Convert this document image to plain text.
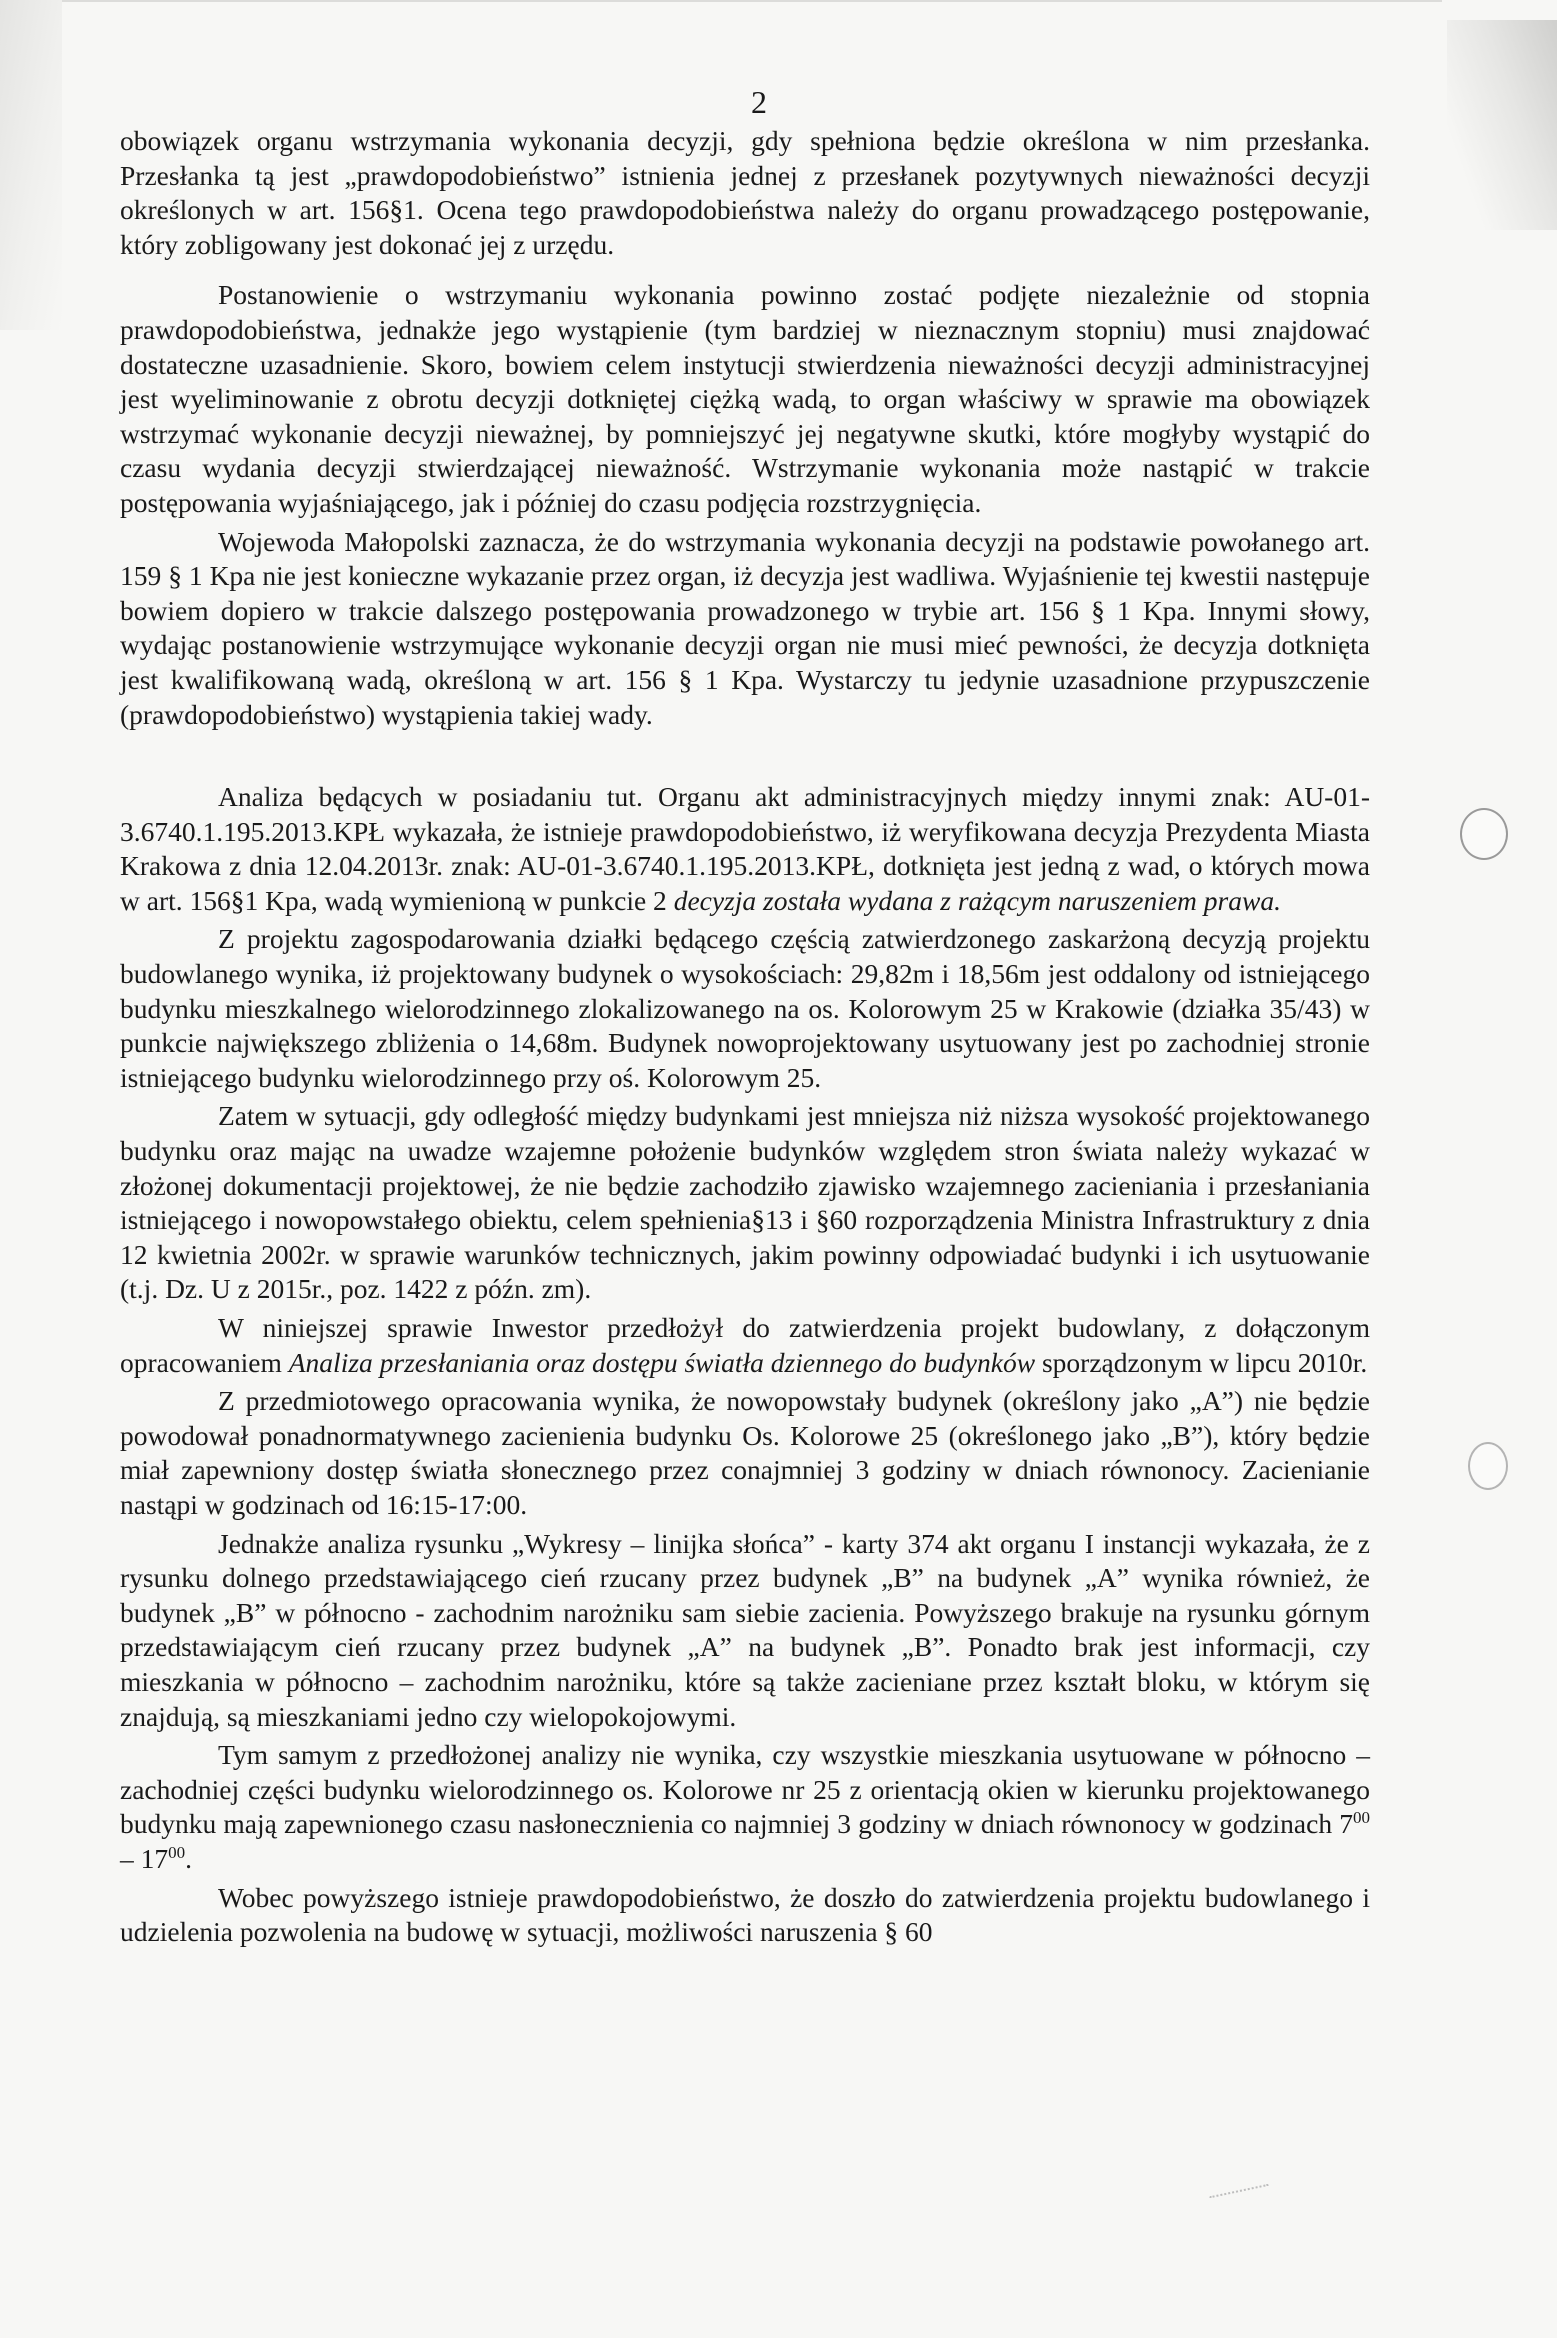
2

obowiązek organu wstrzymania wykonania decyzji, gdy spełniona będzie określona w nim przesłanka. Przesłanka tą jest „prawdopodobieństwo” istnienia jednej z przesłanek pozytywnych nieważności decyzji określonych w art. 156§1. Ocena tego prawdopodobieństwa należy do organu prowadzącego postępowanie, który zobligowany jest dokonać jej z urzędu.

Postanowienie o wstrzymaniu wykonania powinno zostać podjęte niezależnie od stopnia prawdopodobieństwa, jednakże jego wystąpienie (tym bardziej w nieznacznym stopniu) musi znajdować dostateczne uzasadnienie. Skoro, bowiem celem instytucji stwierdzenia nieważności decyzji administracyjnej jest wyeliminowanie z obrotu decyzji dotkniętej ciężką wadą, to organ właściwy w sprawie ma obowiązek wstrzymać wykonanie decyzji nieważnej, by pomniejszyć jej negatywne skutki, które mogłyby wystąpić do czasu wydania decyzji stwierdzającej nieważność. Wstrzymanie wykonania może nastąpić w trakcie postępowania wyjaśniającego, jak i później do czasu podjęcia rozstrzygnięcia.

Wojewoda Małopolski zaznacza, że do wstrzymania wykonania decyzji na podstawie powołanego art. 159 § 1 Kpa nie jest konieczne wykazanie przez organ, iż decyzja jest wadliwa. Wyjaśnienie tej kwestii następuje bowiem dopiero w trakcie dalszego postępowania prowadzonego w trybie art. 156 § 1 Kpa. Innymi słowy, wydając postanowienie wstrzymujące wykonanie decyzji organ nie musi mieć pewności, że decyzja dotknięta jest kwalifikowaną wadą, określoną w art. 156 § 1 Kpa. Wystarczy tu jedynie uzasadnione przypuszczenie (prawdopodobieństwo) wystąpienia takiej wady.

Analiza będących w posiadaniu tut. Organu akt administracyjnych między innymi znak: AU-01-3.6740.1.195.2013.KPŁ wykazała, że istnieje prawdopodobieństwo, iż weryfikowana decyzja Prezydenta Miasta Krakowa z dnia 12.04.2013r. znak: AU-01-3.6740.1.195.2013.KPŁ, dotknięta jest jedną z wad, o których mowa w art. 156§1 Kpa, wadą wymienioną w punkcie 2 decyzja została wydana z rażącym naruszeniem prawa.

Z projektu zagospodarowania działki będącego częścią zatwierdzonego zaskarżoną decyzją projektu budowlanego wynika, iż projektowany budynek o wysokościach: 29,82m i 18,56m jest oddalony od istniejącego budynku mieszkalnego wielorodzinnego zlokalizowanego na os. Kolorowym 25 w Krakowie (działka 35/43) w punkcie największego zbliżenia o 14,68m. Budynek nowoprojektowany usytuowany jest po zachodniej stronie istniejącego budynku wielorodzinnego przy oś. Kolorowym 25.

Zatem w sytuacji, gdy odległość między budynkami jest mniejsza niż niższa wysokość projektowanego budynku oraz mając na uwadze wzajemne położenie budynków względem stron świata należy wykazać w złożonej dokumentacji projektowej, że nie będzie zachodziło zjawisko wzajemnego zacieniania i przesłaniania istniejącego i nowopowstałego obiektu, celem spełnienia§13 i §60 rozporządzenia Ministra Infrastruktury z dnia 12 kwietnia 2002r. w sprawie warunków technicznych, jakim powinny odpowiadać budynki i ich usytuowanie (t.j. Dz. U z 2015r., poz. 1422 z późn. zm).

W niniejszej sprawie Inwestor przedłożył do zatwierdzenia projekt budowlany, z dołączonym opracowaniem Analiza przesłaniania oraz dostępu światła dziennego do budynków sporządzonym w lipcu 2010r.

Z przedmiotowego opracowania wynika, że nowopowstały budynek (określony jako „A”) nie będzie powodował ponadnormatywnego zacienienia budynku Os. Kolorowe 25 (określonego jako „B”), który będzie miał zapewniony dostęp światła słonecznego przez conajmniej 3 godziny w dniach równonocy. Zacienianie nastąpi w godzinach od 16:15-17:00.

Jednakże analiza rysunku „Wykresy – linijka słońca” - karty 374 akt organu I instancji wykazała, że z rysunku dolnego przedstawiającego cień rzucany przez budynek „B” na budynek „A” wynika również, że budynek „B” w północno - zachodnim narożniku sam siebie zacienia. Powyższego brakuje na rysunku górnym przedstawiającym cień rzucany przez budynek „A” na budynek „B”. Ponadto brak jest informacji, czy mieszkania w północno – zachodnim narożniku, które są także zacieniane przez kształt bloku, w którym się znajdują, są mieszkaniami jedno czy wielopokojowymi.

Tym samym z przedłożonej analizy nie wynika, czy wszystkie mieszkania usytuowane w północno – zachodniej części budynku wielorodzinnego os. Kolorowe nr 25 z orientacją okien w kierunku projektowanego budynku mają zapewnionego czasu nasłonecznienia co najmniej 3 godziny w dniach równonocy w godzinach $7^{00} - 17^{00}$.

Wobec powyższego istnieje prawdopodobieństwo, że doszło do zatwierdzenia projektu budowlanego i udzielenia pozwolenia na budowę w sytuacji, możliwości naruszenia § 60
